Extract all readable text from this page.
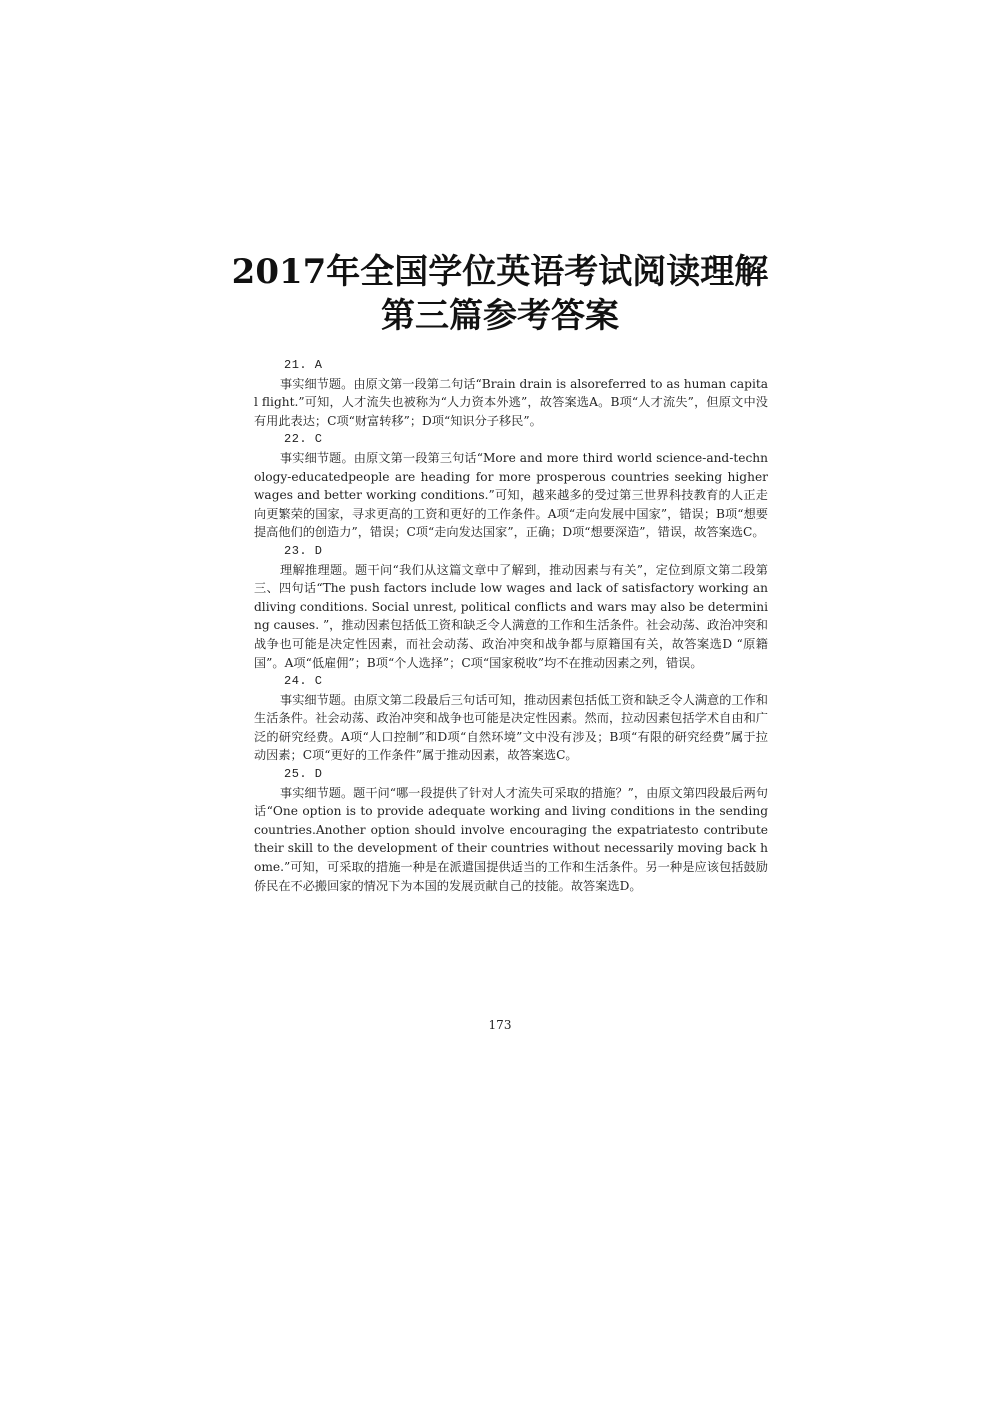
2017年全国学位英语考试阅读理解
第三篇参考答案
21. A

事实细节题。由原文第一段第二句话“Brain drain is alsoreferred to as human capital flight.”可知，人才流失也被称为“人力资本外逃”，故答案选A。B项“人才流失”，但原文中没有用此表达；C项“财富转移”；D项“知识分子移民”。

22. C

事实细节题。由原文第一段第三句话“More and more third world science-and-technology-educatedpeople are heading for more prosperous countries seeking higher wages and better working conditions.”可知，越来越多的受过第三世界科技教育的人正走向更繁荣的国家，寻求更高的工资和更好的工作条件。A项“走向发展中国家”，错误；B项“想要提高他们的创造力”，错误；C项“走向发达国家”，正确；D项“想要深造”，错误，故答案选C。

23. D

理解推理题。题干问“我们从这篇文章中了解到，推动因素与有关”，定位到原文第二段第三、四句话“The push factors include low wages and lack of satisfactory working andliving conditions. Social unrest, political conflicts and wars may also be determining causes. ”，推动因素包括低工资和缺乏令人满意的工作和生活条件。社会动荡、政治冲突和战争也可能是决定性因素，而社会动荡、政治冲突和战争都与原籍国有关，故答案选D “原籍国”。A项“低雇佣”；B项“个人选择”；C项“国家税收”均不在推动因素之列，错误。

24. C

事实细节题。由原文第二段最后三句话可知，推动因素包括低工资和缺乏令人满意的工作和生活条件。社会动荡、政治冲突和战争也可能是决定性因素。然而，拉动因素包括学术自由和广泛的研究经费。A项“人口控制”和D项“自然环境”文中没有涉及；B项“有限的研究经费”属于拉动因素；C项“更好的工作条件”属于推动因素，故答案选C。

25. D

事实细节题。题干问“哪一段提供了针对人才流失可采取的措施？”，由原文第四段最后两句话“One option is to provide adequate working and living conditions in the sending countries.Another option should involve encouraging the expatriatesto contribute their skill to the development of their countries without necessarily moving back home.”可知，可采取的措施一种是在派遣国提供适当的工作和生活条件。另一种是应该包括鼓励侨民在不必搬回家的情况下为本国的发展贡献自己的技能。故答案选D。

173
